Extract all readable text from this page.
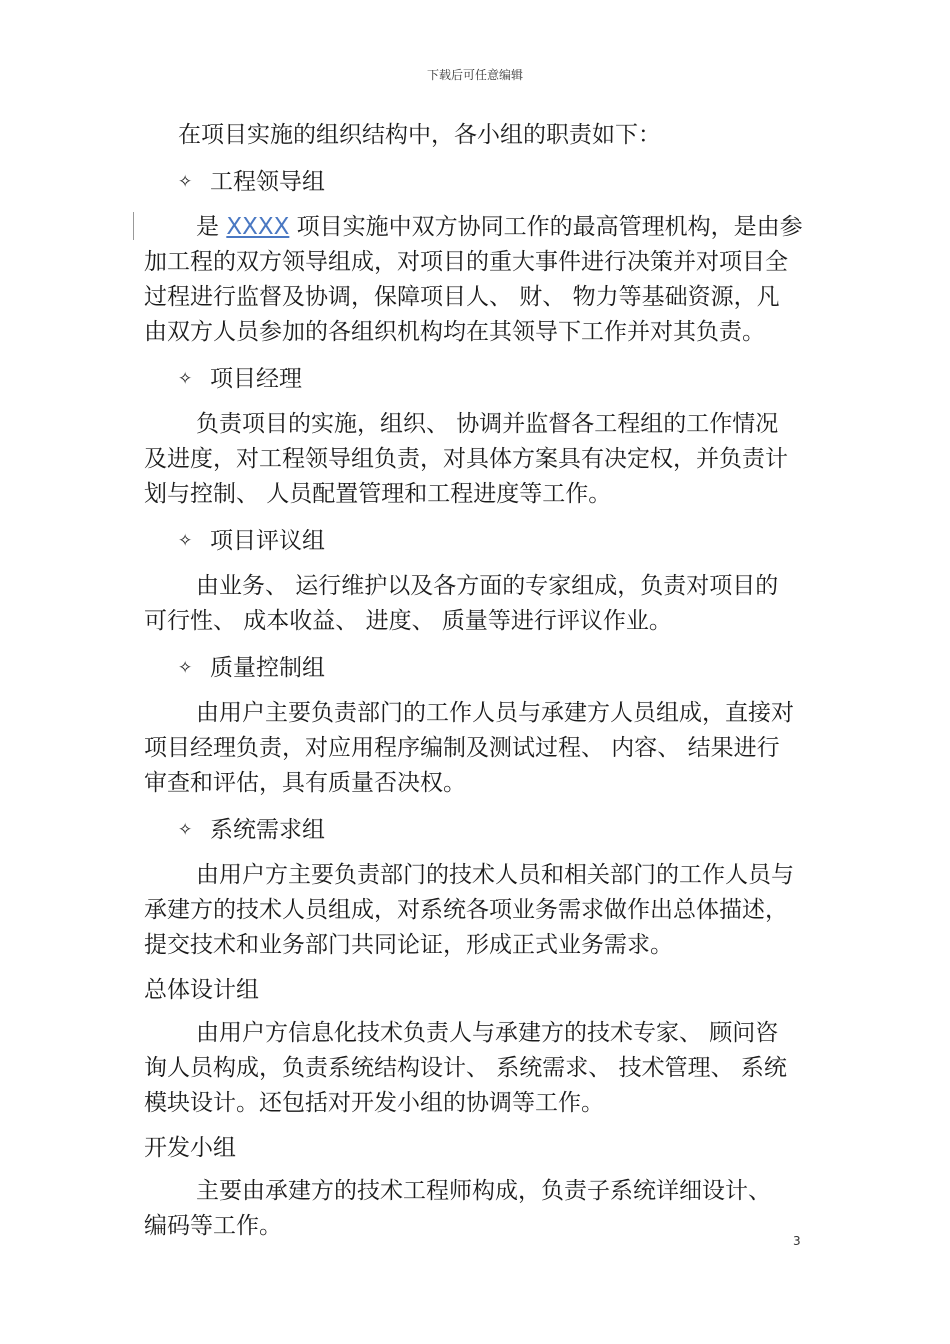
下载后可任意编辑
在项目实施的组织结构中，各小组的职责如下：
✧ 工程领导组
是 XXXX 项目实施中双方协同工作的最高管理机构，是由参
加工程的双方领导组成，对项目的重大事件进行决策并对项目全
过程进行监督及协调，保障项目人、 财、 物力等基础资源，凡
由双方人员参加的各组织机构均在其领导下工作并对其负责。
✧ 项目经理
负责项目的实施，组织、 协调并监督各工程组的工作情况
及进度，对工程领导组负责，对具体方案具有决定权，并负责计
划与控制、 人员配置管理和工程进度等工作。
✧ 项目评议组
由业务、 运行维护以及各方面的专家组成，负责对项目的
可行性、 成本收益、 进度、 质量等进行评议作业。
✧ 质量控制组
由用户主要负责部门的工作人员与承建方人员组成，直接对
项目经理负责，对应用程序编制及测试过程、 内容、 结果进行
审查和评估，具有质量否决权。
✧ 系统需求组
由用户方主要负责部门的技术人员和相关部门的工作人员与
承建方的技术人员组成，对系统各项业务需求做作出总体描述，
提交技术和业务部门共同论证，形成正式业务需求。
总体设计组
由用户方信息化技术负责人与承建方的技术专家、 顾问咨
询人员构成，负责系统结构设计、 系统需求、 技术管理、 系统
模块设计。还包括对开发小组的协调等工作。
开发小组
主要由承建方的技术工程师构成，负责子系统详细设计、
编码等工作。
3
